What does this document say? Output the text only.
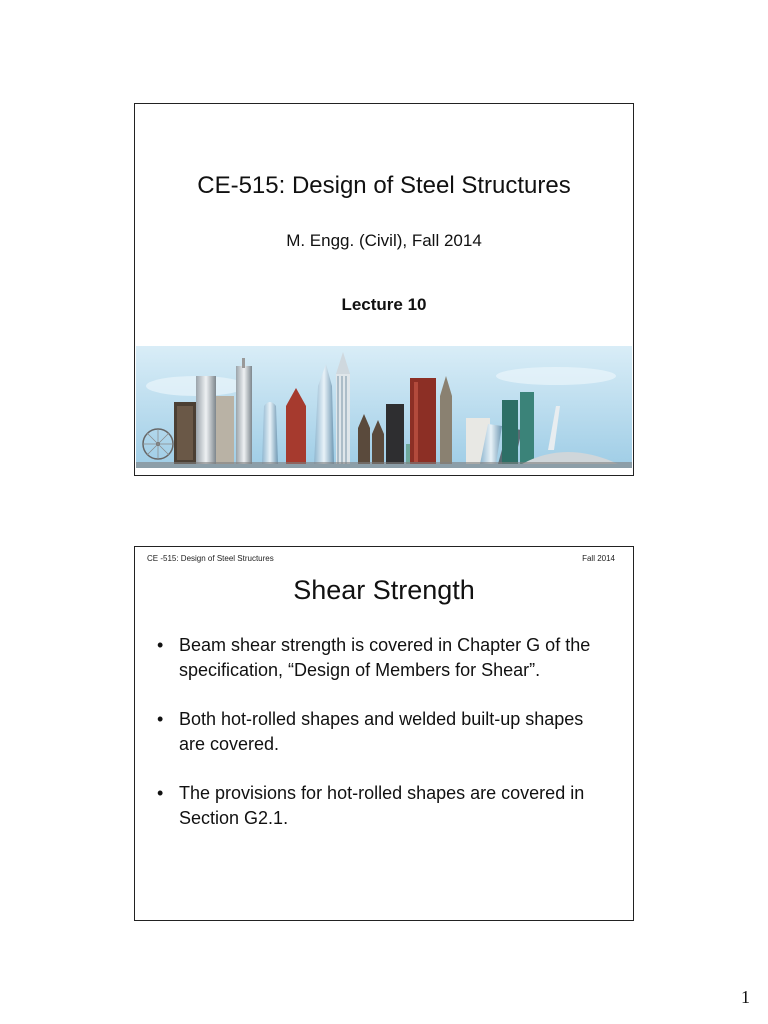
CE-515: Design of Steel Structures
M. Engg. (Civil), Fall 2014
Lecture 10
CE -515: Design of Steel Structures	Fall 2014
Shear Strength
• Beam shear strength is covered in Chapter G of the specification, “Design of Members for Shear”.
• Both hot-rolled shapes and welded built-up shapes are covered.
• The provisions for hot-rolled shapes are covered in Section G2.1.
1
